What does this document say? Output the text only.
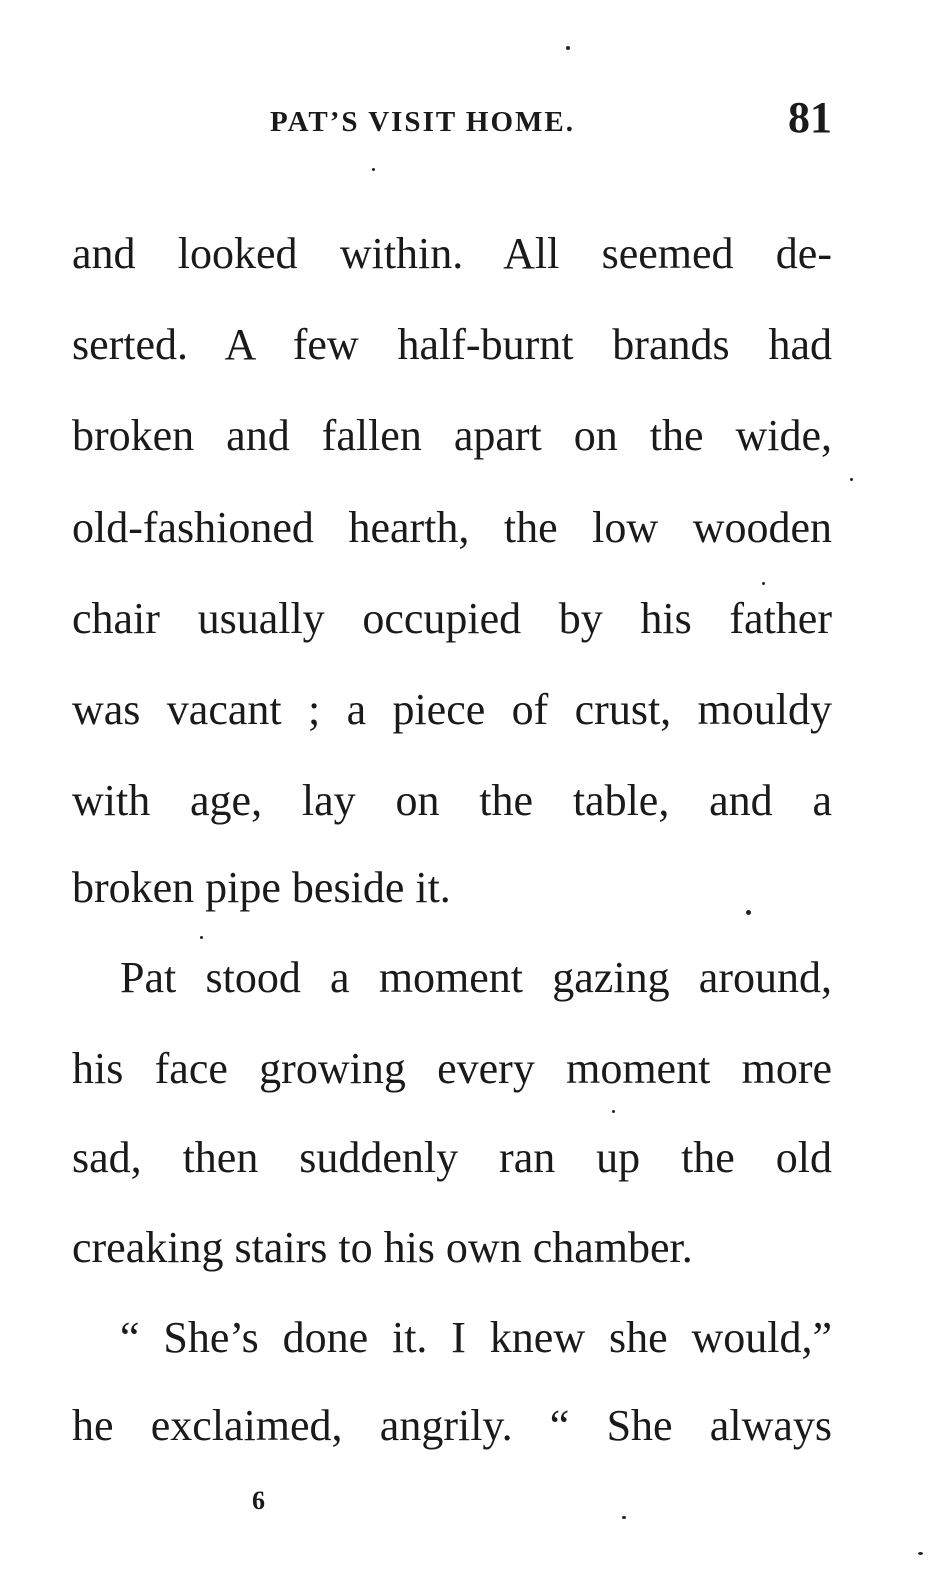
PAT’S VISIT HOME.	81
and looked within. All seemed de-
serted. A few half-burnt brands had
broken and fallen apart on the wide,
old-fashioned hearth, the low wooden
chair usually occupied by his father
was vacant ; a piece of crust, mouldy
with age, lay on the table, and a
broken pipe beside it.
Pat stood a moment gazing around,
his face growing every moment more
sad, then suddenly ran up the old
creaking stairs to his own chamber.
“ She’s done it. I knew she would,”
he exclaimed, angrily. “ She always
6
